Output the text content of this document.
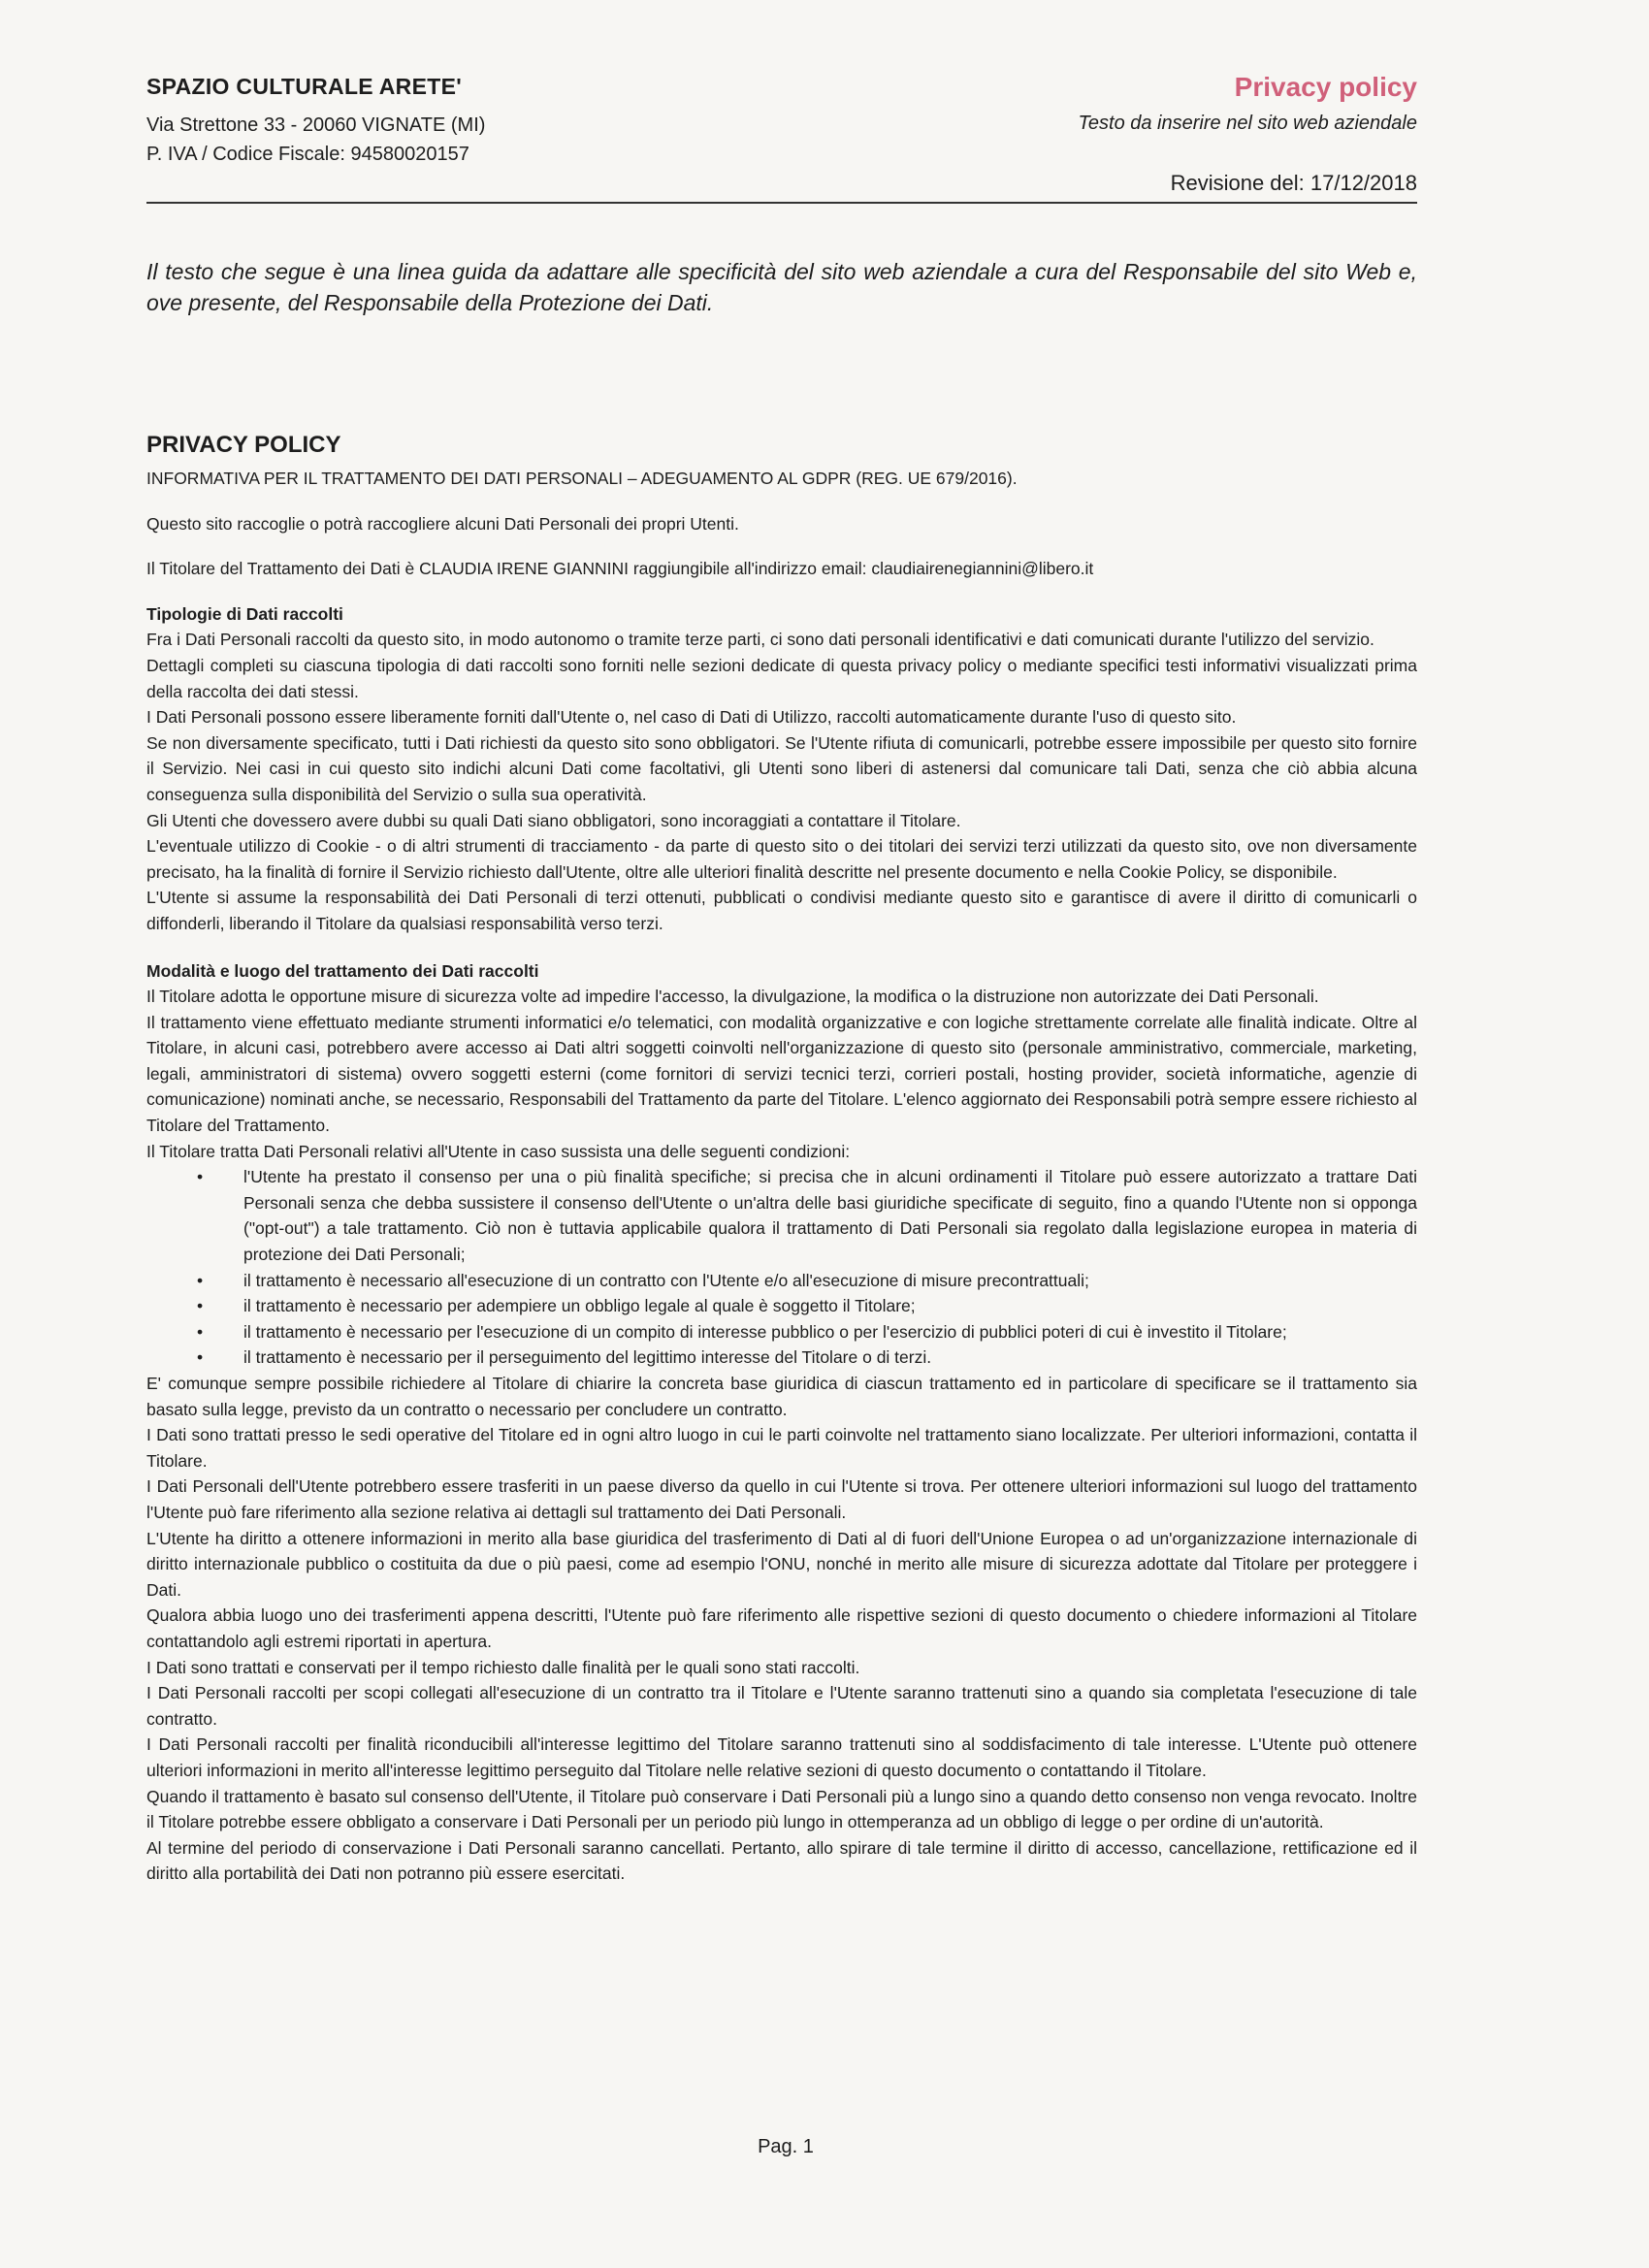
SPAZIO CULTURALE ARETE'
Via Strettone 33 - 20060 VIGNATE (MI)
P. IVA / Codice Fiscale: 94580020157
Privacy policy
Testo da inserire nel sito web aziendale
Revisione del: 17/12/2018
Il testo che segue è una linea guida da adattare alle specificità del sito web aziendale a cura del Responsabile del sito Web e, ove presente, del Responsabile della Protezione dei Dati.
PRIVACY POLICY
INFORMATIVA PER IL TRATTAMENTO DEI DATI PERSONALI – ADEGUAMENTO AL GDPR (REG. UE 679/2016).
Questo sito raccoglie o potrà raccogliere alcuni Dati Personali dei propri Utenti.
Il Titolare del Trattamento dei Dati è CLAUDIA IRENE GIANNINI raggiungibile all'indirizzo email: claudiairenegiannini@libero.it
Tipologie di Dati raccolti
Fra i Dati Personali raccolti da questo sito, in modo autonomo o tramite terze parti, ci sono dati personali identificativi e dati comunicati durante l'utilizzo del servizio.
Dettagli completi su ciascuna tipologia di dati raccolti sono forniti nelle sezioni dedicate di questa privacy policy o mediante specifici testi informativi visualizzati prima della raccolta dei dati stessi.
I Dati Personali possono essere liberamente forniti dall'Utente o, nel caso di Dati di Utilizzo, raccolti automaticamente durante l'uso di questo sito.
Se non diversamente specificato, tutti i Dati richiesti da questo sito sono obbligatori. Se l'Utente rifiuta di comunicarli, potrebbe essere impossibile per questo sito fornire il Servizio. Nei casi in cui questo sito indichi alcuni Dati come facoltativi, gli Utenti sono liberi di astenersi dal comunicare tali Dati, senza che ciò abbia alcuna conseguenza sulla disponibilità del Servizio o sulla sua operatività.
Gli Utenti che dovessero avere dubbi su quali Dati siano obbligatori, sono incoraggiati a contattare il Titolare.
L'eventuale utilizzo di Cookie - o di altri strumenti di tracciamento - da parte di questo sito o dei titolari dei servizi terzi utilizzati da questo sito, ove non diversamente precisato, ha la finalità di fornire il Servizio richiesto dall'Utente, oltre alle ulteriori finalità descritte nel presente documento e nella Cookie Policy, se disponibile.
L'Utente si assume la responsabilità dei Dati Personali di terzi ottenuti, pubblicati o condivisi mediante questo sito e garantisce di avere il diritto di comunicarli o diffonderli, liberando il Titolare da qualsiasi responsabilità verso terzi.
Modalità e luogo del trattamento dei Dati raccolti
Il Titolare adotta le opportune misure di sicurezza volte ad impedire l'accesso, la divulgazione, la modifica o la distruzione non autorizzate dei Dati Personali.
Il trattamento viene effettuato mediante strumenti informatici e/o telematici, con modalità organizzative e con logiche strettamente correlate alle finalità indicate. Oltre al Titolare, in alcuni casi, potrebbero avere accesso ai Dati altri soggetti coinvolti nell'organizzazione di questo sito (personale amministrativo, commerciale, marketing, legali, amministratori di sistema) ovvero soggetti esterni (come fornitori di servizi tecnici terzi, corrieri postali, hosting provider, società informatiche, agenzie di comunicazione) nominati anche, se necessario, Responsabili del Trattamento da parte del Titolare. L'elenco aggiornato dei Responsabili potrà sempre essere richiesto al Titolare del Trattamento.
Il Titolare tratta Dati Personali relativi all'Utente in caso sussista una delle seguenti condizioni:
• l'Utente ha prestato il consenso per una o più finalità specifiche; si precisa che in alcuni ordinamenti il Titolare può essere autorizzato a trattare Dati Personali senza che debba sussistere il consenso dell'Utente o un'altra delle basi giuridiche specificate di seguito, fino a quando l'Utente non si opponga ("opt-out") a tale trattamento. Ciò non è tuttavia applicabile qualora il trattamento di Dati Personali sia regolato dalla legislazione europea in materia di protezione dei Dati Personali;
• il trattamento è necessario all'esecuzione di un contratto con l'Utente e/o all'esecuzione di misure precontrattuali;
• il trattamento è necessario per adempiere un obbligo legale al quale è soggetto il Titolare;
• il trattamento è necessario per l'esecuzione di un compito di interesse pubblico o per l'esercizio di pubblici poteri di cui è investito il Titolare;
• il trattamento è necessario per il perseguimento del legittimo interesse del Titolare o di terzi.
E' comunque sempre possibile richiedere al Titolare di chiarire la concreta base giuridica di ciascun trattamento ed in particolare di specificare se il trattamento sia basato sulla legge, previsto da un contratto o necessario per concludere un contratto.
I Dati sono trattati presso le sedi operative del Titolare ed in ogni altro luogo in cui le parti coinvolte nel trattamento siano localizzate. Per ulteriori informazioni, contatta il Titolare.
I Dati Personali dell'Utente potrebbero essere trasferiti in un paese diverso da quello in cui l'Utente si trova. Per ottenere ulteriori informazioni sul luogo del trattamento l'Utente può fare riferimento alla sezione relativa ai dettagli sul trattamento dei Dati Personali.
L'Utente ha diritto a ottenere informazioni in merito alla base giuridica del trasferimento di Dati al di fuori dell'Unione Europea o ad un'organizzazione internazionale di diritto internazionale pubblico o costituita da due o più paesi, come ad esempio l'ONU, nonché in merito alle misure di sicurezza adottate dal Titolare per proteggere i Dati.
Qualora abbia luogo uno dei trasferimenti appena descritti, l'Utente può fare riferimento alle rispettive sezioni di questo documento o chiedere informazioni al Titolare contattandolo agli estremi riportati in apertura.
I Dati sono trattati e conservati per il tempo richiesto dalle finalità per le quali sono stati raccolti.
I Dati Personali raccolti per scopi collegati all'esecuzione di un contratto tra il Titolare e l'Utente saranno trattenuti sino a quando sia completata l'esecuzione di tale contratto.
I Dati Personali raccolti per finalità riconducibili all'interesse legittimo del Titolare saranno trattenuti sino al soddisfacimento di tale interesse. L'Utente può ottenere ulteriori informazioni in merito all'interesse legittimo perseguito dal Titolare nelle relative sezioni di questo documento o contattando il Titolare.
Quando il trattamento è basato sul consenso dell'Utente, il Titolare può conservare i Dati Personali più a lungo sino a quando detto consenso non venga revocato. Inoltre il Titolare potrebbe essere obbligato a conservare i Dati Personali per un periodo più lungo in ottemperanza ad un obbligo di legge o per ordine di un'autorità.
Al termine del periodo di conservazione i Dati Personali saranno cancellati. Pertanto, allo spirare di tale termine il diritto di accesso, cancellazione, rettificazione ed il diritto alla portabilità dei Dati non potranno più essere esercitati.
Pag. 1
